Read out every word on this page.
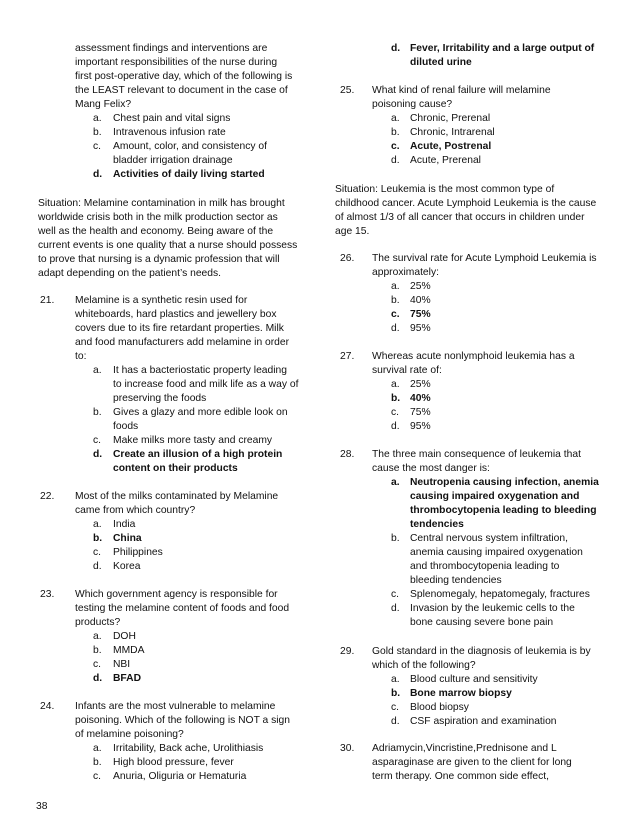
assessment findings and interventions are
important responsibilities of the nurse during
first post-operative day, which of the following is
the LEAST relevant to document in the case of
Mang Felix?
a. Chest pain and vital signs
b. Intravenous infusion rate
c. Amount, color, and consistency of
bladder irrigation drainage
d. Activities of daily living started
Situation: Melamine contamination in milk has brought
worldwide crisis both in the milk production sector as
well as the health and economy. Being aware of the
current events is one quality that a nurse should possess
to prove that nursing is a dynamic profession that will
adapt depending on the patient’s needs.
21. Melamine is a synthetic resin used for
whiteboards, hard plastics and jewellery box
covers due to its fire retardant properties. Milk
and food manufacturers add melamine in order
to:
a. It has a bacteriostatic property leading
to increase food and milk life as a way of
preserving the foods
b. Gives a glazy and more edible look on
foods
c. Make milks more tasty and creamy
d. Create an illusion of a high protein
content on their products
22. Most of the milks contaminated by Melamine
came from which country?
a. India
b. China
c. Philippines
d. Korea
23. Which government agency is responsible for
testing the melamine content of foods and food
products?
a. DOH
b. MMDA
c. NBI
d. BFAD
24. Infants are the most vulnerable to melamine
poisoning. Which of the following is NOT a sign
of melamine poisoning?
a. Irritability, Back ache, Urolithiasis
b. High blood pressure, fever
c. Anuria, Oliguria or Hematuria
d. Fever, Irritability and a large output of
diluted urine
25. What kind of renal failure will melamine
poisoning cause?
a. Chronic, Prerenal
b. Chronic, Intrarenal
c. Acute, Postrenal
d. Acute, Prerenal
Situation: Leukemia is the most common type of
childhood cancer. Acute Lymphoid Leukemia is the cause
of almost 1/3 of all cancer that occurs in children under
age 15.
26. The survival rate for Acute Lymphoid Leukemia is
approximately:
a. 25%
b. 40%
c. 75%
d. 95%
27. Whereas acute nonlymphoid leukemia has a
survival rate of:
a. 25%
b. 40%
c. 75%
d. 95%
28. The three main consequence of leukemia that
cause the most danger is:
a. Neutropenia causing infection, anemia
causing impaired oxygenation and
thrombocytopenia leading to bleeding
tendencies
b. Central nervous system infiltration,
anemia causing impaired oxygenation
and thrombocytopenia leading to
bleeding tendencies
c. Splenomegaly, hepatomegaly, fractures
d. Invasion by the leukemic cells to the
bone causing severe bone pain
29. Gold standard in the diagnosis of leukemia is by
which of the following?
a. Blood culture and sensitivity
b. Bone marrow biopsy
c. Blood biopsy
d. CSF aspiration and examination
30. Adriamycin,Vincristine,Prednisone and L
asparaginase are given to the client for long
term therapy. One common side effect,
38
